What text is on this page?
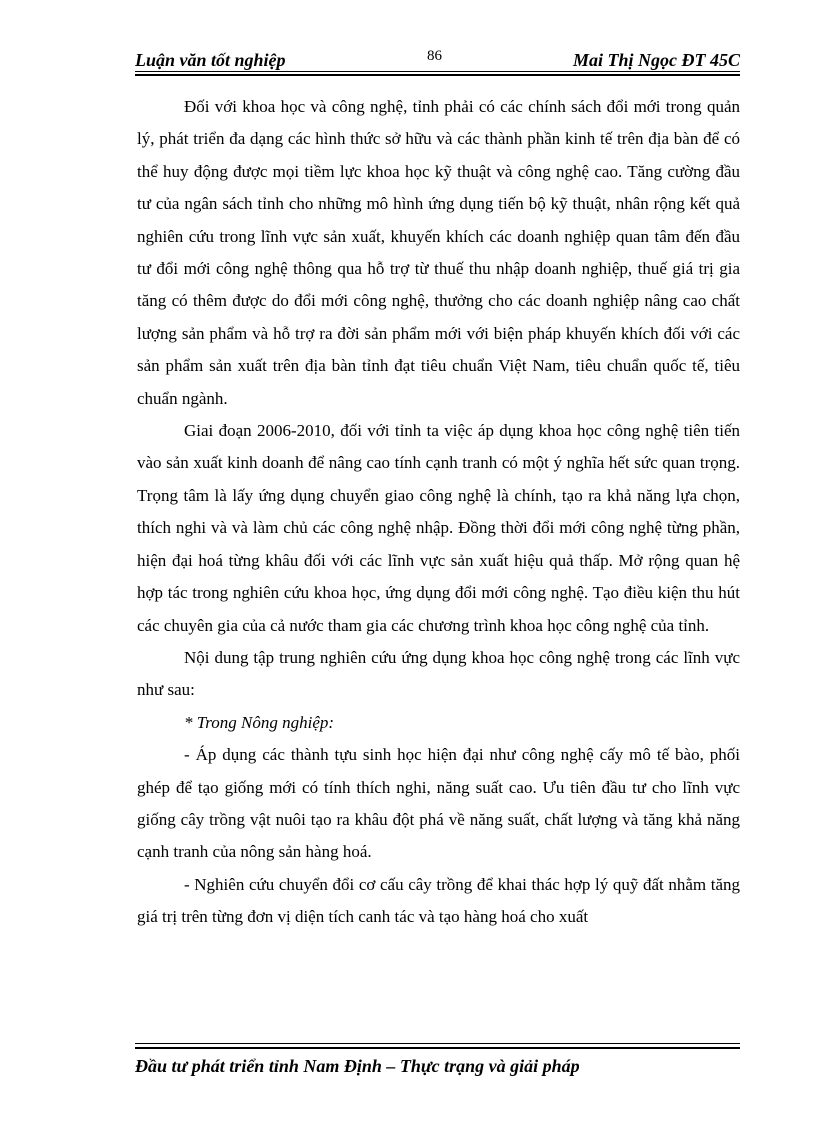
Luận văn tốt nghiệp	86	Mai Thị Ngọc ĐT 45C

Đối với khoa học và công nghệ, tỉnh phải có các chính sách đổi mới trong quản lý, phát triển đa dạng các hình thức sở hữu và các thành phần kinh tế trên địa bàn để có thể huy động được mọi tiềm lực khoa học kỹ thuật và công nghệ cao. Tăng cường đầu tư của ngân sách tỉnh cho những mô hình ứng dụng tiến bộ kỹ thuật, nhân rộng kết quả nghiên cứu trong lĩnh vực sản xuất, khuyến khích các doanh nghiệp quan tâm đến đầu tư đổi mới công nghệ thông qua hỗ trợ từ thuế thu nhập doanh nghiệp, thuế giá trị gia tăng có thêm được do đổi mới công nghệ, thưởng cho các doanh nghiệp nâng cao chất lượng sản phẩm và hỗ trợ ra đời sản phẩm mới với biện pháp khuyến khích đối với các sản phẩm sản xuất trên địa bàn tỉnh đạt tiêu chuẩn Việt Nam, tiêu chuẩn quốc tế, tiêu chuẩn ngành.

Giai đoạn 2006-2010, đối với tỉnh ta việc áp dụng khoa học công nghệ tiên tiến vào sản xuất kinh doanh để nâng cao tính cạnh tranh có một ý nghĩa hết sức quan trọng. Trọng tâm là lấy ứng dụng chuyển giao công nghệ là chính, tạo ra khả năng lựa chọn, thích nghi và và làm chủ các công nghệ nhập. Đồng thời đổi mới công nghệ từng phần, hiện đại hoá từng khâu đối với các lĩnh vực sản xuất hiệu quả thấp. Mở rộng quan hệ hợp tác trong nghiên cứu khoa học, ứng dụng đổi mới công nghệ. Tạo điều kiện thu hút các chuyên gia của cả nước tham gia các chương trình khoa học công nghệ của tỉnh.

Nội dung tập trung nghiên cứu ứng dụng khoa học công nghệ trong các lĩnh vực như sau:

* Trong Nông nghiệp:

- Áp dụng các thành tựu sinh học hiện đại như công nghệ cấy mô tế bào, phối ghép để tạo giống mới có tính thích nghi, năng suất cao. Ưu tiên đầu tư cho lĩnh vực giống cây trồng vật nuôi tạo ra khâu đột phá về năng suất, chất lượng và tăng khả năng cạnh tranh của nông sản hàng hoá.

- Nghiên cứu chuyển đổi cơ cấu cây trồng để khai thác hợp lý quỹ đất nhằm tăng giá trị trên từng đơn vị diện tích canh tác và tạo hàng hoá cho xuất

Đầu tư phát triển tỉnh Nam Định – Thực trạng và giải pháp
